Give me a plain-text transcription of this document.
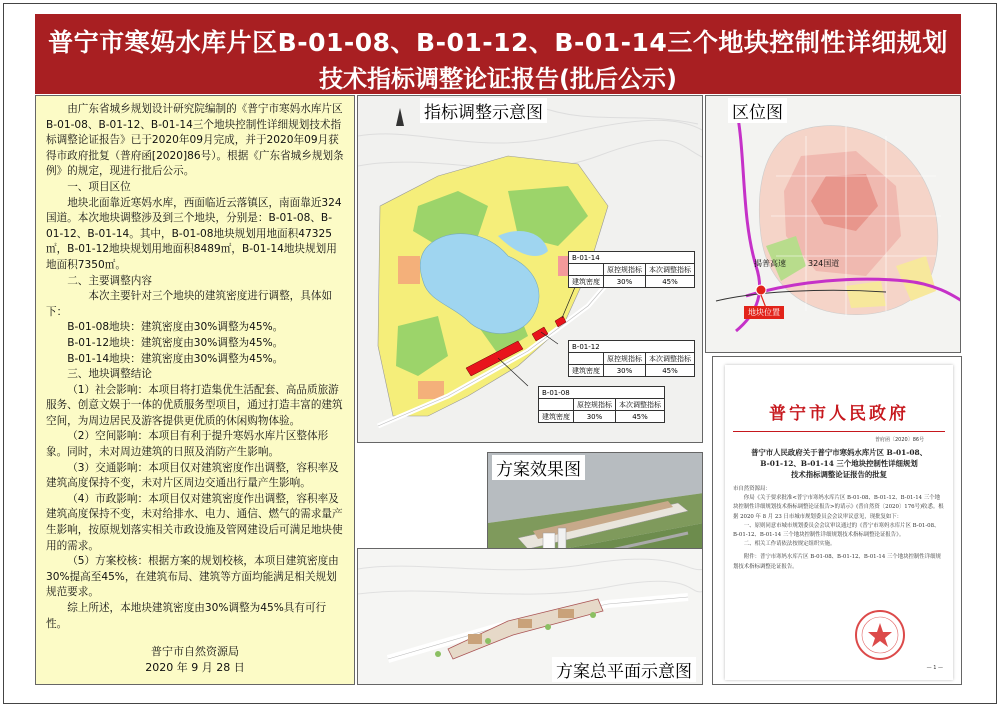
普宁市寒妈水库片区B-01-08、B-01-12、B-01-14三个地块控制性详细规划
技术指标调整论证报告(批后公示)

由广东省城乡规划设计研究院编制的《普宁市寒妈水库片区B-01-08、B-01-12、B-01-14三个地块控制性详细规划技术指标调整论证报告》已于2020年09月完成，并于2020年09月获得市政府批复（普府函[2020]86号）。根据《广东省城乡规划条例》的规定，现进行批后公示。

一、项目区位

地块北面靠近寒妈水库，西面临近云落镇区，南面靠近324国道。本次地块调整涉及到三个地块，分别是：B-01-08、B-01-12、B-01-14。其中，B-01-08地块规划用地面积47325㎡，B-01-12地块规划用地面积8489㎡，B-01-14地块规划用地面积7350㎡。

二、主要调整内容

本次主要针对三个地块的建筑密度进行调整，具体如下：

B-01-08地块：建筑密度由30%调整为45%。

B-01-12地块：建筑密度由30%调整为45%。

B-01-14地块：建筑密度由30%调整为45%。

三、地块调整结论

（1）社会影响：本项目将打造集优生活配套、高品质旅游服务、创意文娱于一体的优质服务型项目，通过打造丰富的建筑空间，为周边居民及游客提供更优质的休闲购物体验。

（2）空间影响：本项目有利于提升寒妈水库片区整体形象。同时，未对周边建筑的日照及消防产生影响。

（3）交通影响：本项目仅对建筑密度作出调整，容积率及建筑高度保持不变，未对片区周边交通出行量产生影响。

（4）市政影响：本项目仅对建筑密度作出调整，容积率及建筑高度保持不变，未对给排水、电力、通信、燃气的需求量产生影响，按原规划落实相关市政设施及管网建设后可满足地块使用的需求。

（5）方案校核：根据方案的规划校核，本项目建筑密度由30%提高至45%，在建筑布局、建筑等方面均能满足相关规划规范要求。

综上所述，本地块建筑密度由30%调整为45%具有可行性。

普宁市自然资源局
2020 年 9 月 28 日
指标调整示意图
B-01-14		
	原控规指标	本次调整指标
建筑密度	30%	45%
B-01-12		
	原控规指标	本次调整指标
建筑密度	30%	45%
B-01-08		
	原控规指标	本次调整指标
建筑密度	30%	45%
区位图
揭普高速	324国道
地块位置
方案效果图
方案总平面示意图
普宁市人民政府
普府函〔2020〕86号
普宁市人民政府关于普宁市寒妈水库片区 B-01-08、
B-01-12、B-01-14 三个地块控制性详细规划
技术指标调整论证报告的批复

市自然资源局：

你局《关于要求批准<普宁市寒妈水库片区 B-01-08、B-01-12、B-01-14 三个地块控制性详细规划技术指标调整论证报告>的请示》(普自然资〔2020〕176号)收悉。根据 2020 年 8 月 23 日市城市规划委员会会议审议意见，现批复如下：

一、原则同意市城市规划委员会会议审议通过的《普宁市寒妈水库片区 B-01-08、B-01-12、B-01-14 三个地块控制性详细规划技术指标调整论证报告》。

二、相关工作请依法按规定组织实施。

附件：普宁市寒妈水库片区 B-01-08、B-01-12、B-01-14 三个地块控制性详细规划技术指标调整论证报告。

— 1 —
